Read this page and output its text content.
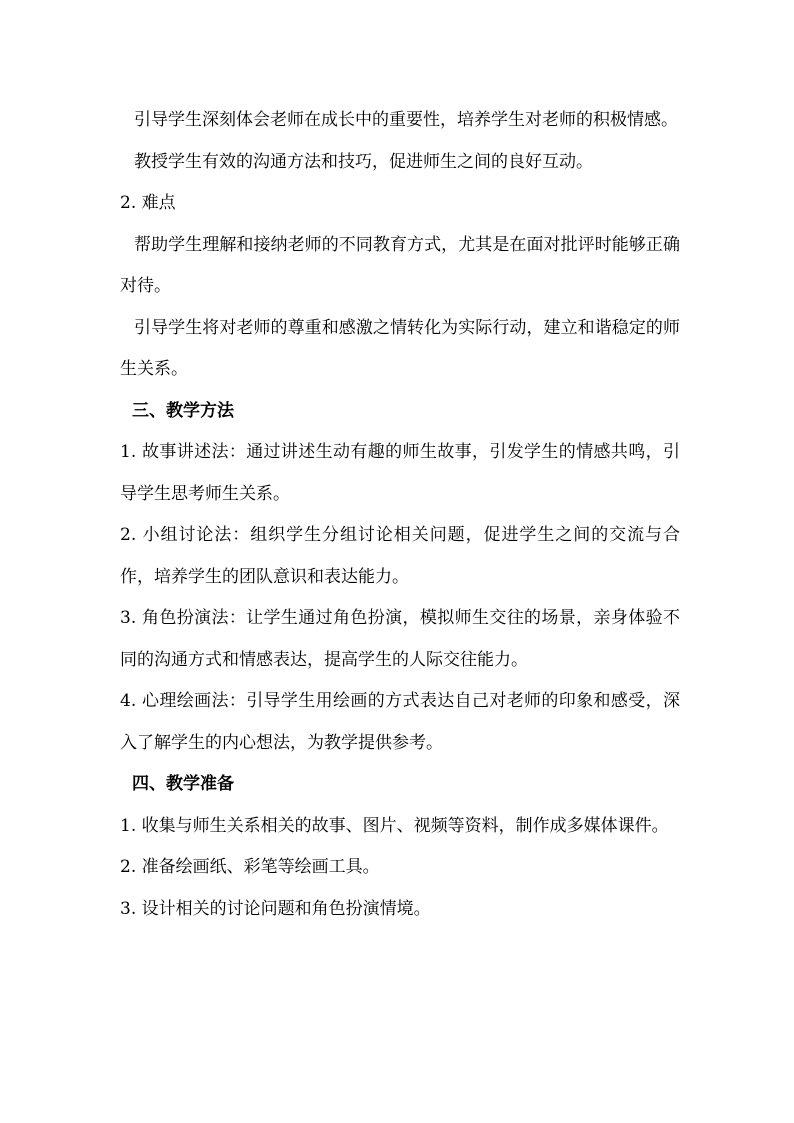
引导学生深刻体会老师在成长中的重要性，培养学生对老师的积极情感。

教授学生有效的沟通方法和技巧，促进师生之间的良好互动。

2. 难点

帮助学生理解和接纳老师的不同教育方式，尤其是在面对批评时能够正确对待。

引导学生将对老师的尊重和感激之情转化为实际行动，建立和谐稳定的师生关系。

三、教学方法

1. 故事讲述法：通过讲述生动有趣的师生故事，引发学生的情感共鸣，引导学生思考师生关系。

2. 小组讨论法：组织学生分组讨论相关问题，促进学生之间的交流与合作，培养学生的团队意识和表达能力。

3. 角色扮演法：让学生通过角色扮演，模拟师生交往的场景，亲身体验不同的沟通方式和情感表达，提高学生的人际交往能力。

4. 心理绘画法：引导学生用绘画的方式表达自己对老师的印象和感受，深入了解学生的内心想法，为教学提供参考。

四、教学准备

1. 收集与师生关系相关的故事、图片、视频等资料，制作成多媒体课件。

2. 准备绘画纸、彩笔等绘画工具。

3. 设计相关的讨论问题和角色扮演情境。
